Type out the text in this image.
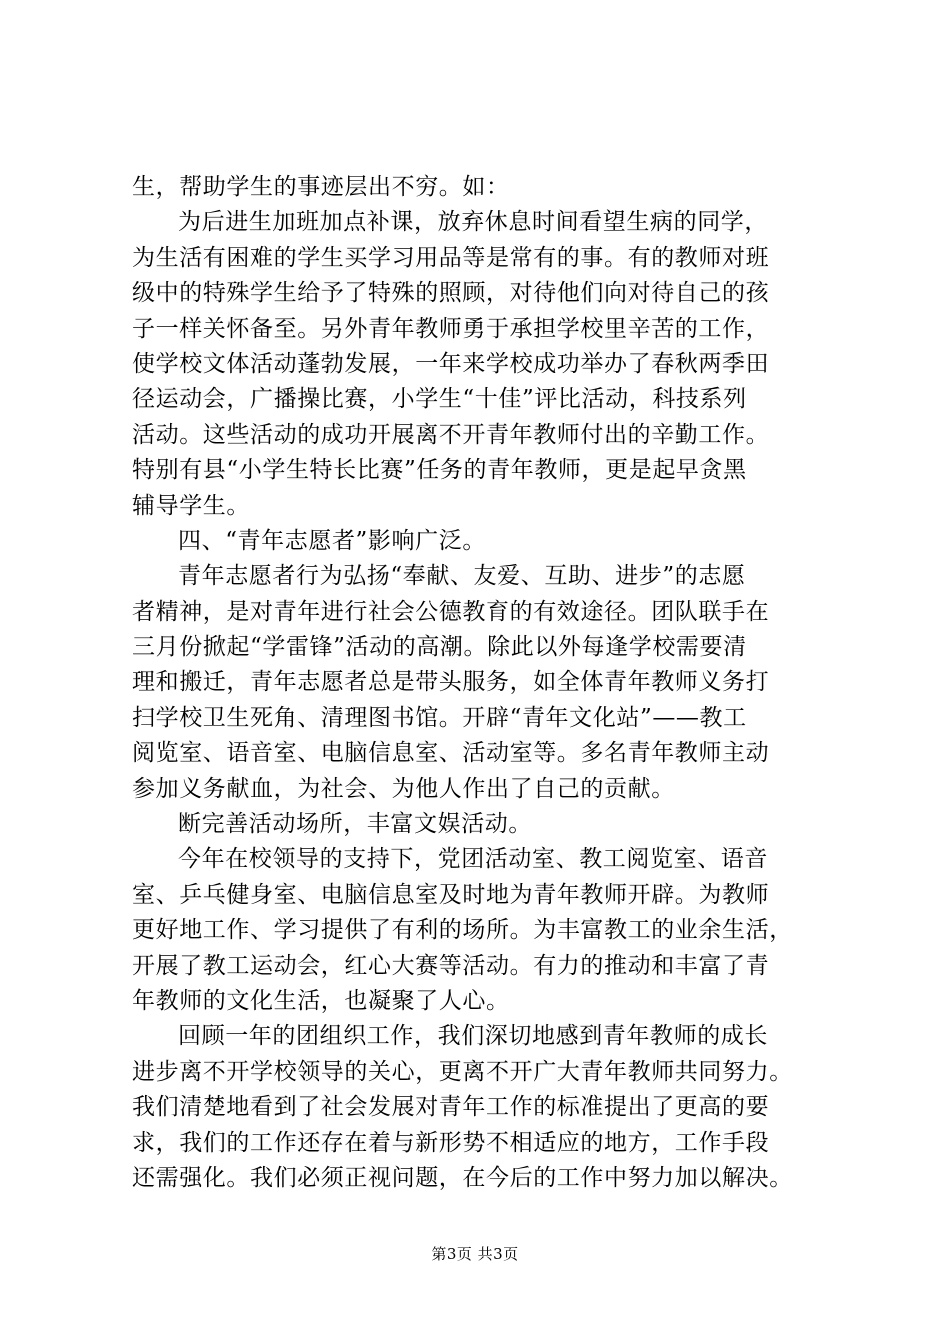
生，帮助学生的事迹层出不穷。如：
为后进生加班加点补课，放弃休息时间看望生病的同学，
为生活有困难的学生买学习用品等是常有的事。有的教师对班
级中的特殊学生给予了特殊的照顾，对待他们向对待自己的孩
子一样关怀备至。另外青年教师勇于承担学校里辛苦的工作，
使学校文体活动蓬勃发展，一年来学校成功举办了春秋两季田
径运动会，广播操比赛，小学生“十佳”评比活动，科技系列
活动。这些活动的成功开展离不开青年教师付出的辛勤工作。
特别有县“小学生特长比赛”任务的青年教师，更是起早贪黑
辅导学生。
四、“青年志愿者”影响广泛。
青年志愿者行为弘扬“奉献、友爱、互助、进步”的志愿
者精神，是对青年进行社会公德教育的有效途径。团队联手在
三月份掀起“学雷锋”活动的高潮。除此以外每逢学校需要清
理和搬迁，青年志愿者总是带头服务，如全体青年教师义务打
扫学校卫生死角、清理图书馆。开辟“青年文化站”——教工
阅览室、语音室、电脑信息室、活动室等。多名青年教师主动
参加义务献血，为社会、为他人作出了自己的贡献。
断完善活动场所，丰富文娱活动。
今年在校领导的支持下，党团活动室、教工阅览室、语音
室、乒乓健身室、电脑信息室及时地为青年教师开辟。为教师
更好地工作、学习提供了有利的场所。为丰富教工的业余生活，
开展了教工运动会，红心大赛等活动。有力的推动和丰富了青
年教师的文化生活，也凝聚了人心。
回顾一年的团组织工作，我们深切地感到青年教师的成长
进步离不开学校领导的关心，更离不开广大青年教师共同努力。
我们清楚地看到了社会发展对青年工作的标准提出了更高的要
求，我们的工作还存在着与新形势不相适应的地方，工作手段
还需强化。我们必须正视问题，在今后的工作中努力加以解决。
第3页 共3页
